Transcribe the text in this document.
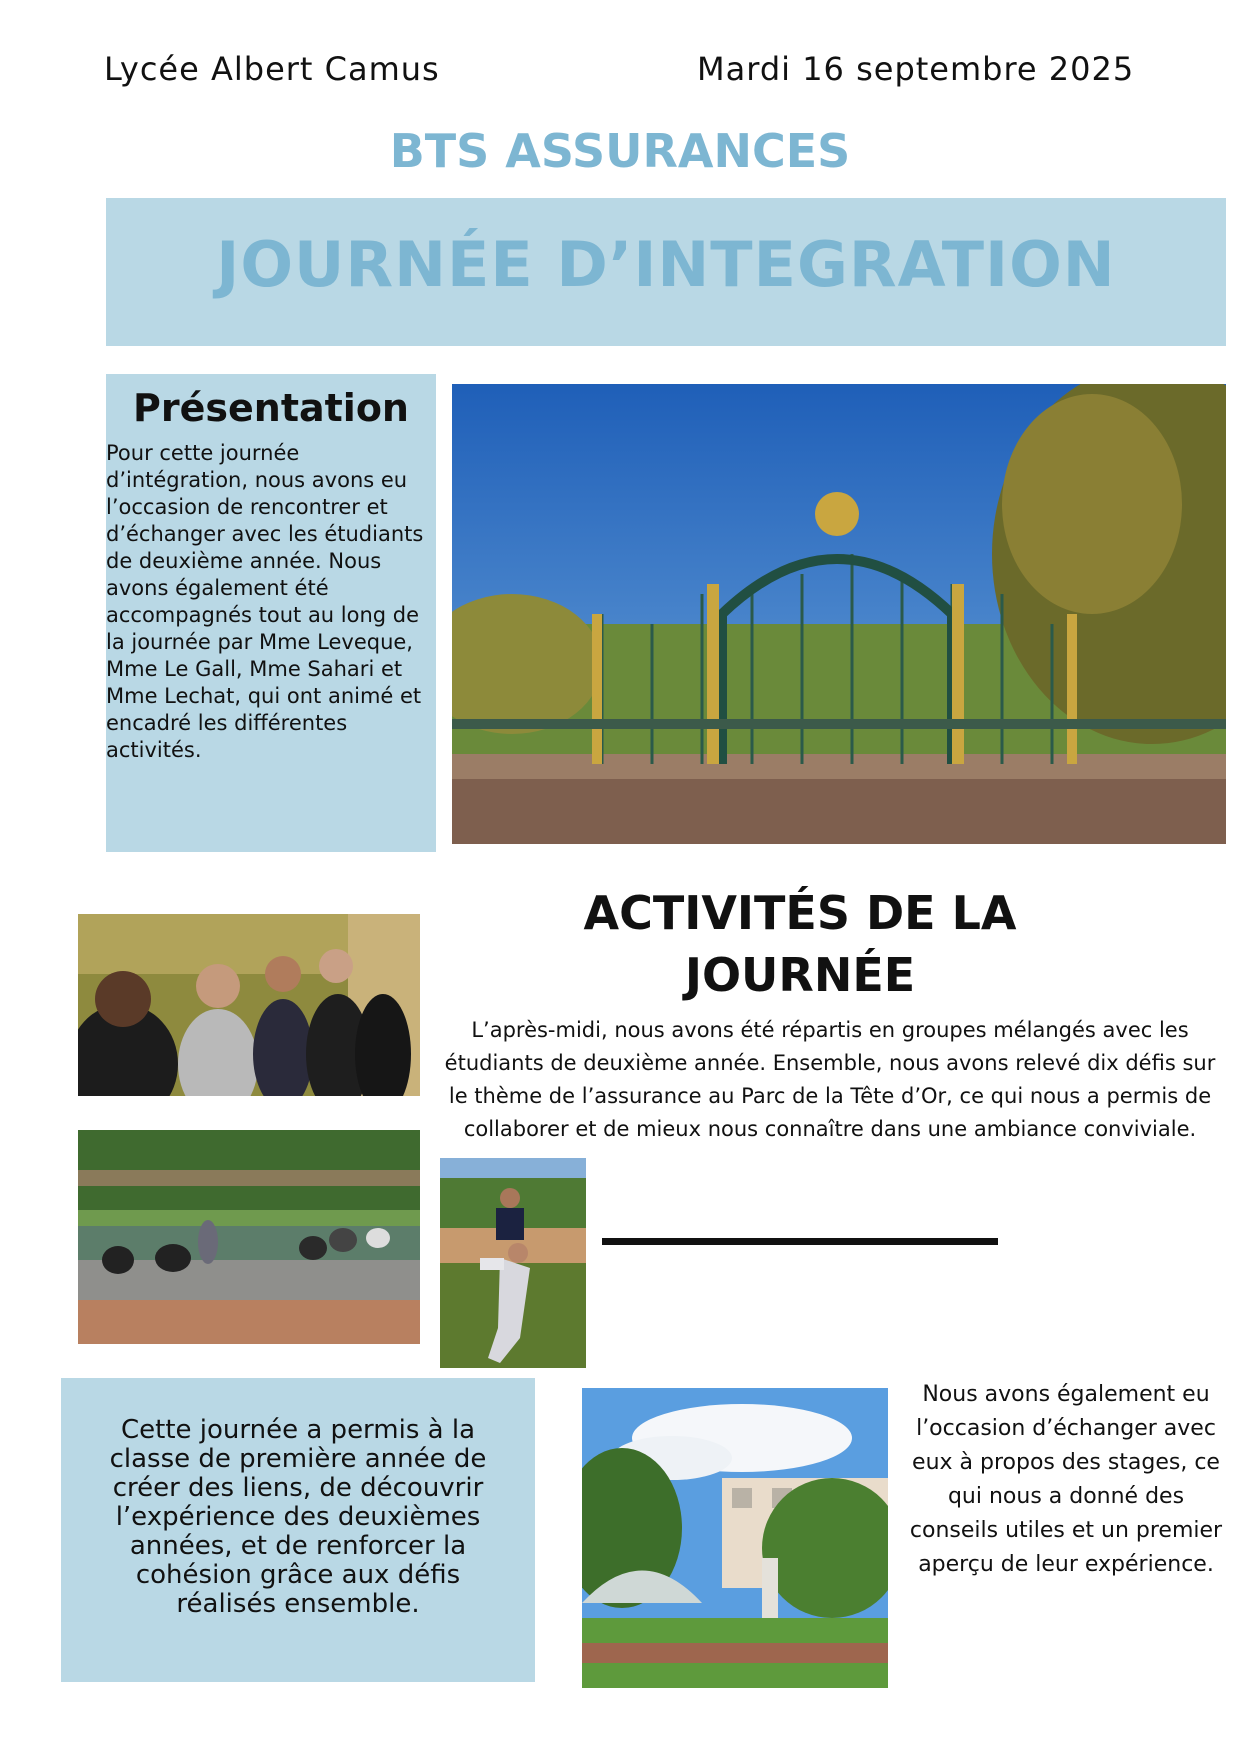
Lycée Albert Camus	Mardi 16 septembre 2025
BTS ASSURANCES
JOURNÉE D’INTEGRATION
Présentation
Pour cette journée d’intégration, nous avons eu l’occasion de rencontrer et d’échanger avec les étudiants de deuxième année. Nous avons également été accompagnés tout au long de la journée par Mme Leveque, Mme Le Gall, Mme Sahari et Mme Lechat, qui ont animé et encadré les différentes activités.
ACTIVITÉS DE LA
JOURNÉE
L’après-midi, nous avons été répartis en groupes mélangés avec les étudiants de deuxième année. Ensemble, nous avons relevé dix défis sur le thème de l’assurance au Parc de la Tête d’Or, ce qui nous a permis de collaborer et de mieux nous connaître dans une ambiance conviviale.
Cette journée a permis à la classe de première année de créer des liens, de découvrir l’expérience des deuxièmes années, et de renforcer la cohésion grâce aux défis réalisés ensemble.
Nous avons également eu l’occasion d’échanger avec eux à propos des stages, ce qui nous a donné des conseils utiles et un premier aperçu de leur expérience.
